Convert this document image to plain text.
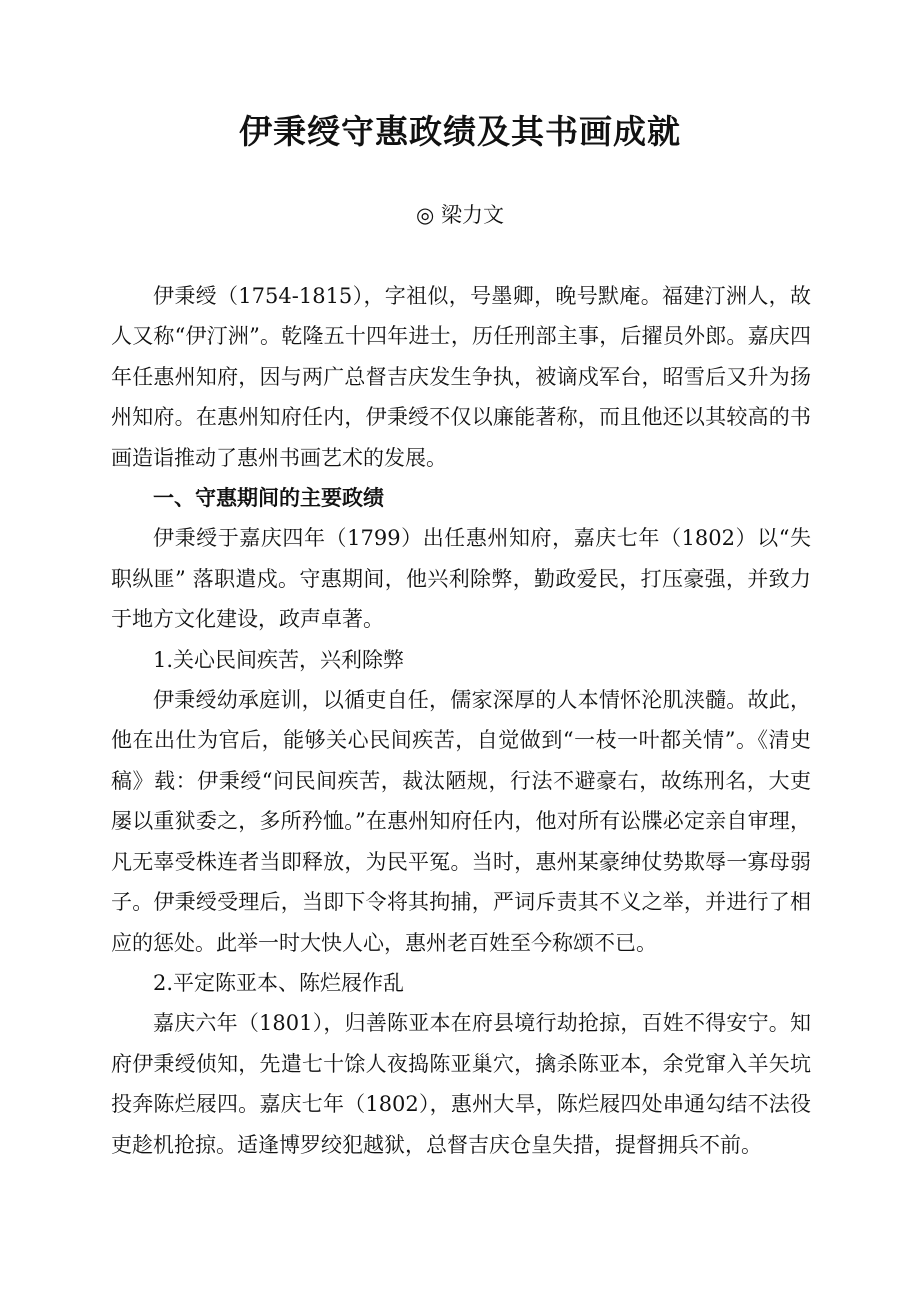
伊秉绶守惠政绩及其书画成就
◎ 梁力文

伊秉绶（1754-1815），字祖似，号墨卿，晚号默庵。福建汀洲人，故人又称“伊汀洲”。乾隆五十四年进士，历任刑部主事，后擢员外郎。嘉庆四年任惠州知府，因与两广总督吉庆发生争执，被谪戍军台，昭雪后又升为扬州知府。在惠州知府任内，伊秉绶不仅以廉能著称，而且他还以其较高的书画造诣推动了惠州书画艺术的发展。

一、守惠期间的主要政绩

伊秉绶于嘉庆四年（1799）出任惠州知府，嘉庆七年（1802）以“失职纵匪” 落职遣戍。守惠期间，他兴利除弊，勤政爱民，打压豪强，并致力于地方文化建设，政声卓著。

1.关心民间疾苦，兴利除弊

伊秉绶幼承庭训，以循吏自任，儒家深厚的人本情怀沦肌浃髓。故此，他在出仕为官后，能够关心民间疾苦，自觉做到“一枝一叶都关情”。《清史稿》载：伊秉绶“问民间疾苦，裁汰陋规，行法不避豪右，故练刑名，大吏屡以重狱委之，多所矜恤。”在惠州知府任内，他对所有讼牒必定亲自审理，凡无辜受株连者当即释放，为民平冤。当时，惠州某豪绅仗势欺辱一寡母弱子。伊秉绶受理后，当即下令将其拘捕，严词斥责其不义之举，并进行了相应的惩处。此举一时大快人心，惠州老百姓至今称颂不已。

2.平定陈亚本、陈烂屐作乱

嘉庆六年（1801），归善陈亚本在府县境行劫抢掠，百姓不得安宁。知府伊秉绶侦知，先遣七十馀人夜捣陈亚巢穴，擒杀陈亚本，余党窜入羊矢坑投奔陈烂屐四。嘉庆七年（1802），惠州大旱，陈烂屐四处串通勾结不法役吏趁机抢掠。适逢博罗绞犯越狱，总督吉庆仓皇失措，提督拥兵不前。
